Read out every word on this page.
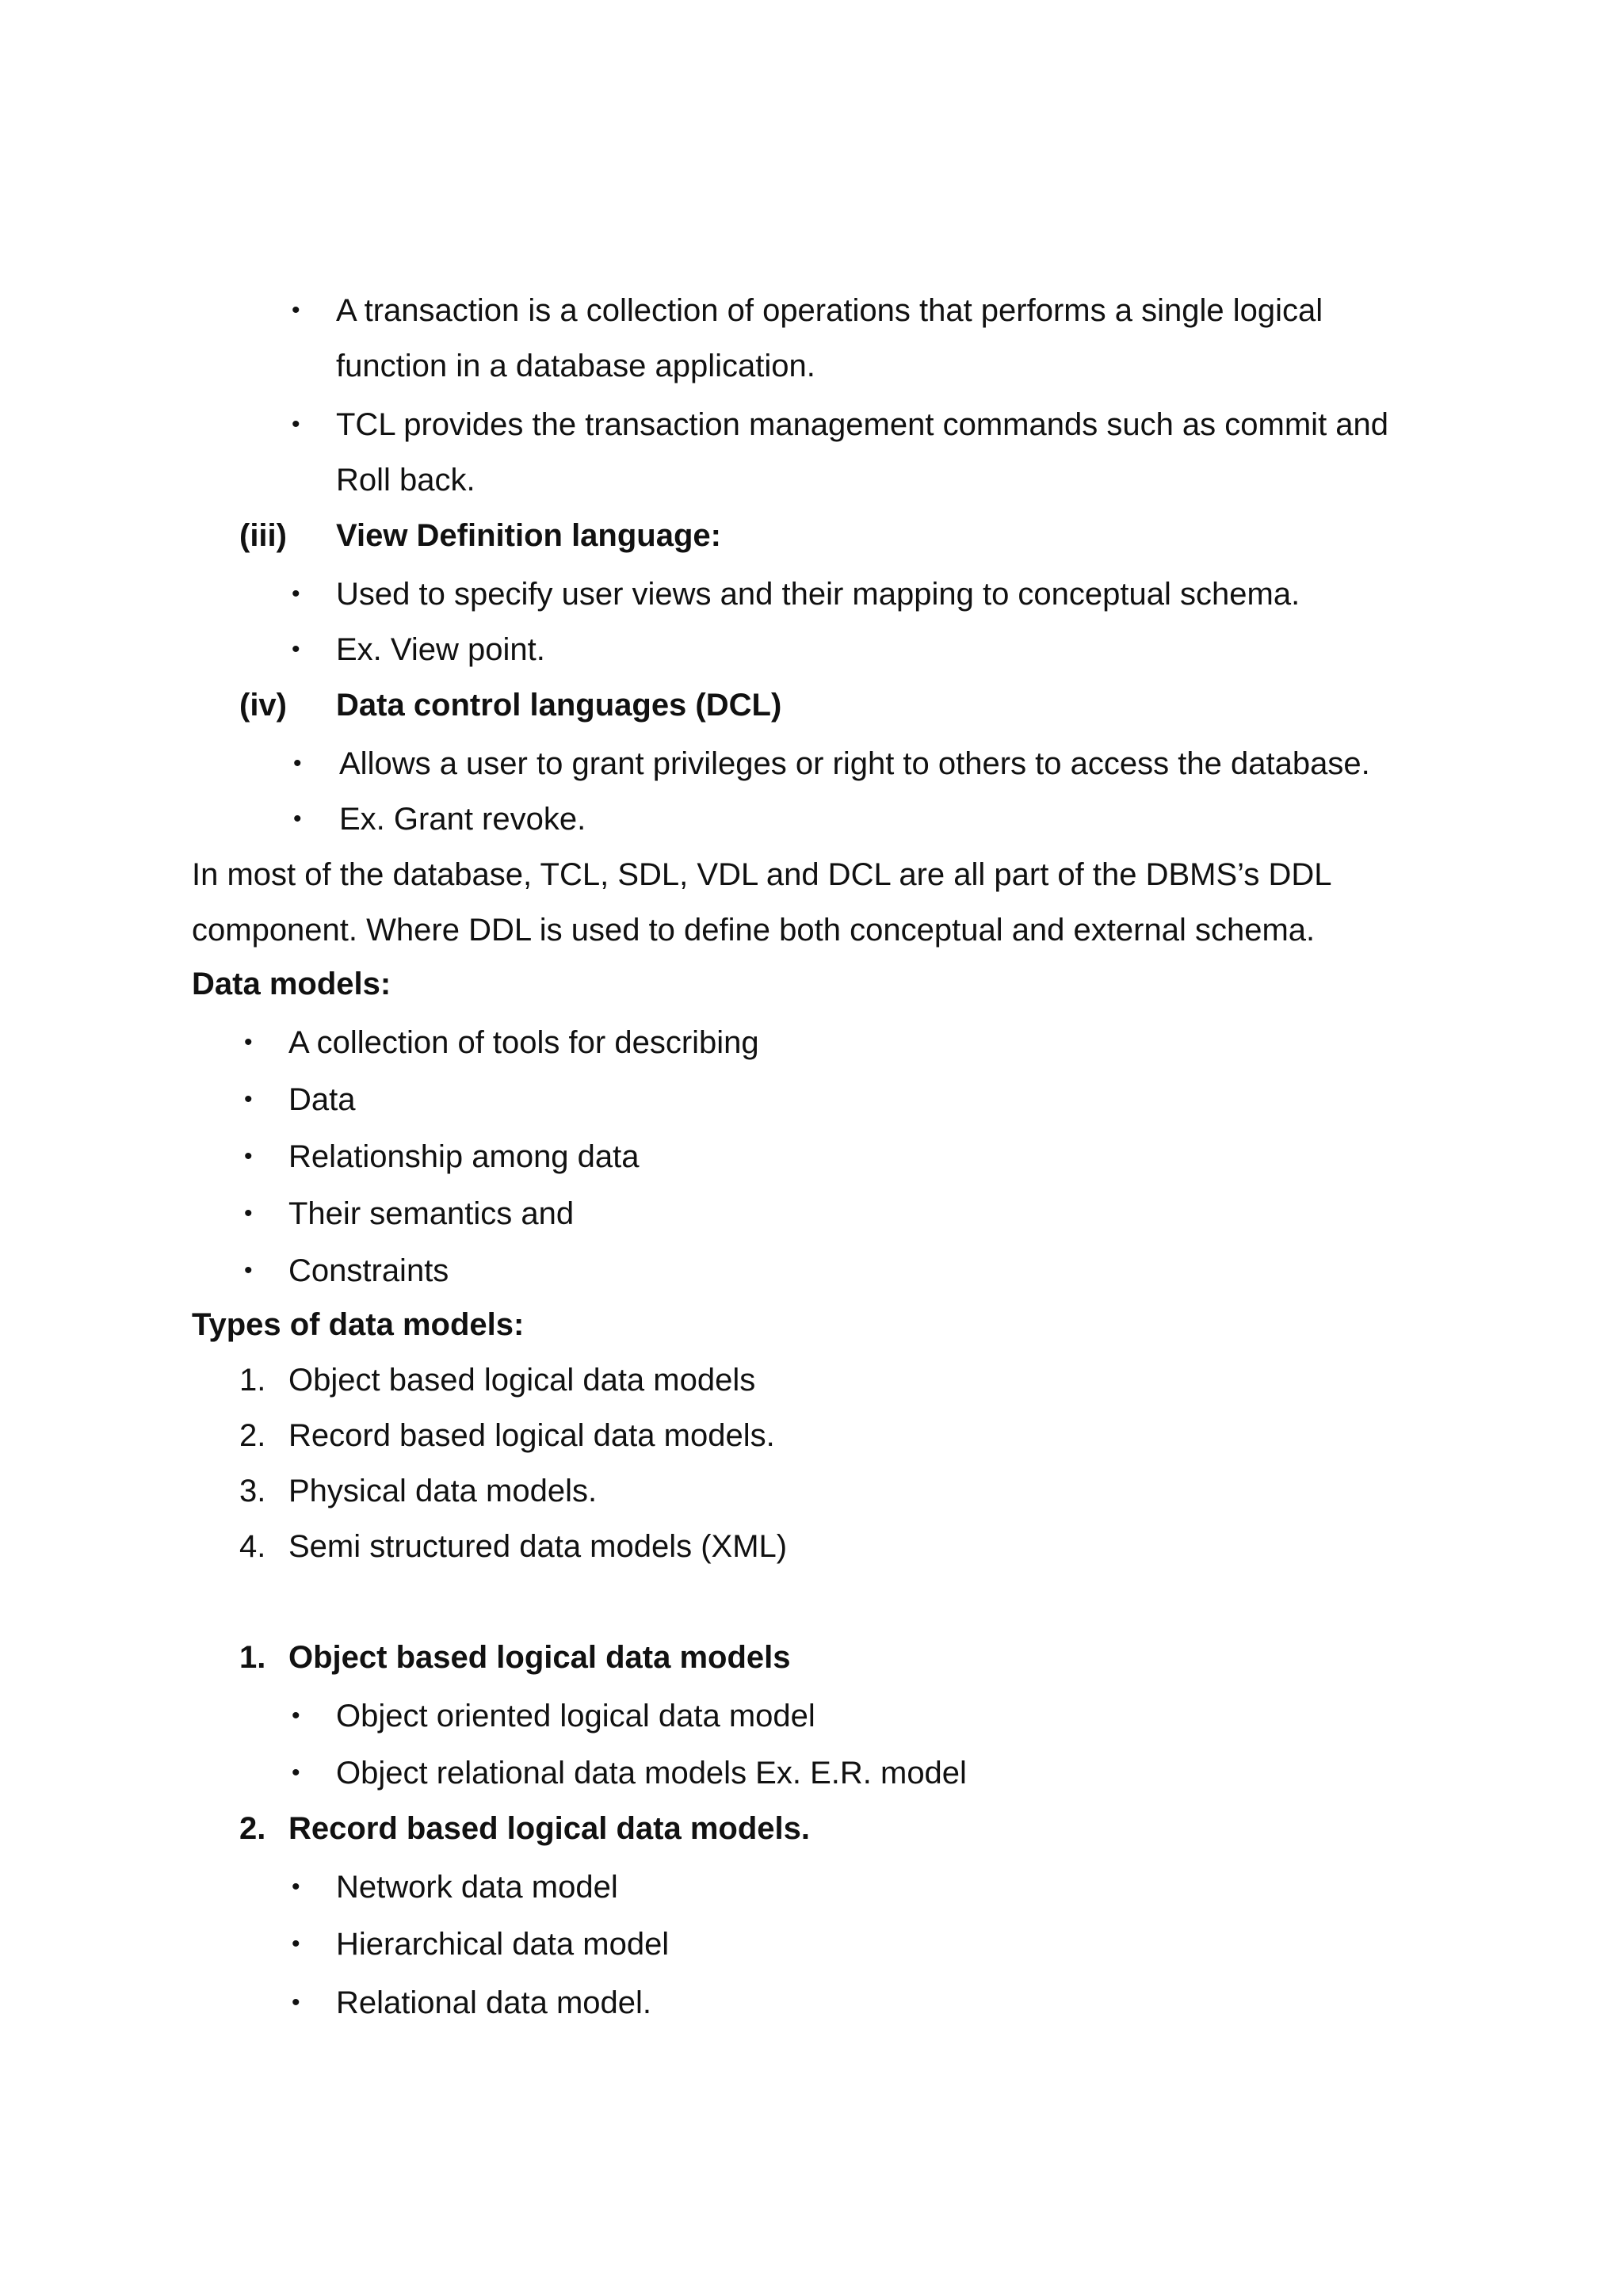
• A transaction is a collection of operations that performs a single logical
function in a database application.
• TCL provides the transaction management commands such as commit and
Roll back.
(iii) View Definition language:
• Used to specify user views and their mapping to conceptual schema.
• Ex. View point.
(iv) Data control languages (DCL)
• Allows a user to grant privileges or right to others to access the database.
• Ex. Grant revoke.
In most of the database, TCL, SDL, VDL and DCL are all part of the DBMS’s DDL
component. Where DDL is used to define both conceptual and external schema.
Data models:
• A collection of tools for describing
• Data
• Relationship among data
• Their semantics and
• Constraints
Types of data models:
1. Object based logical data models
2. Record based logical data models.
3. Physical data models.
4. Semi structured data models (XML)
1. Object based logical data models
• Object oriented logical data model
• Object relational data models Ex. E.R. model
2. Record based logical data models.
• Network data model
• Hierarchical data model
• Relational data model.
